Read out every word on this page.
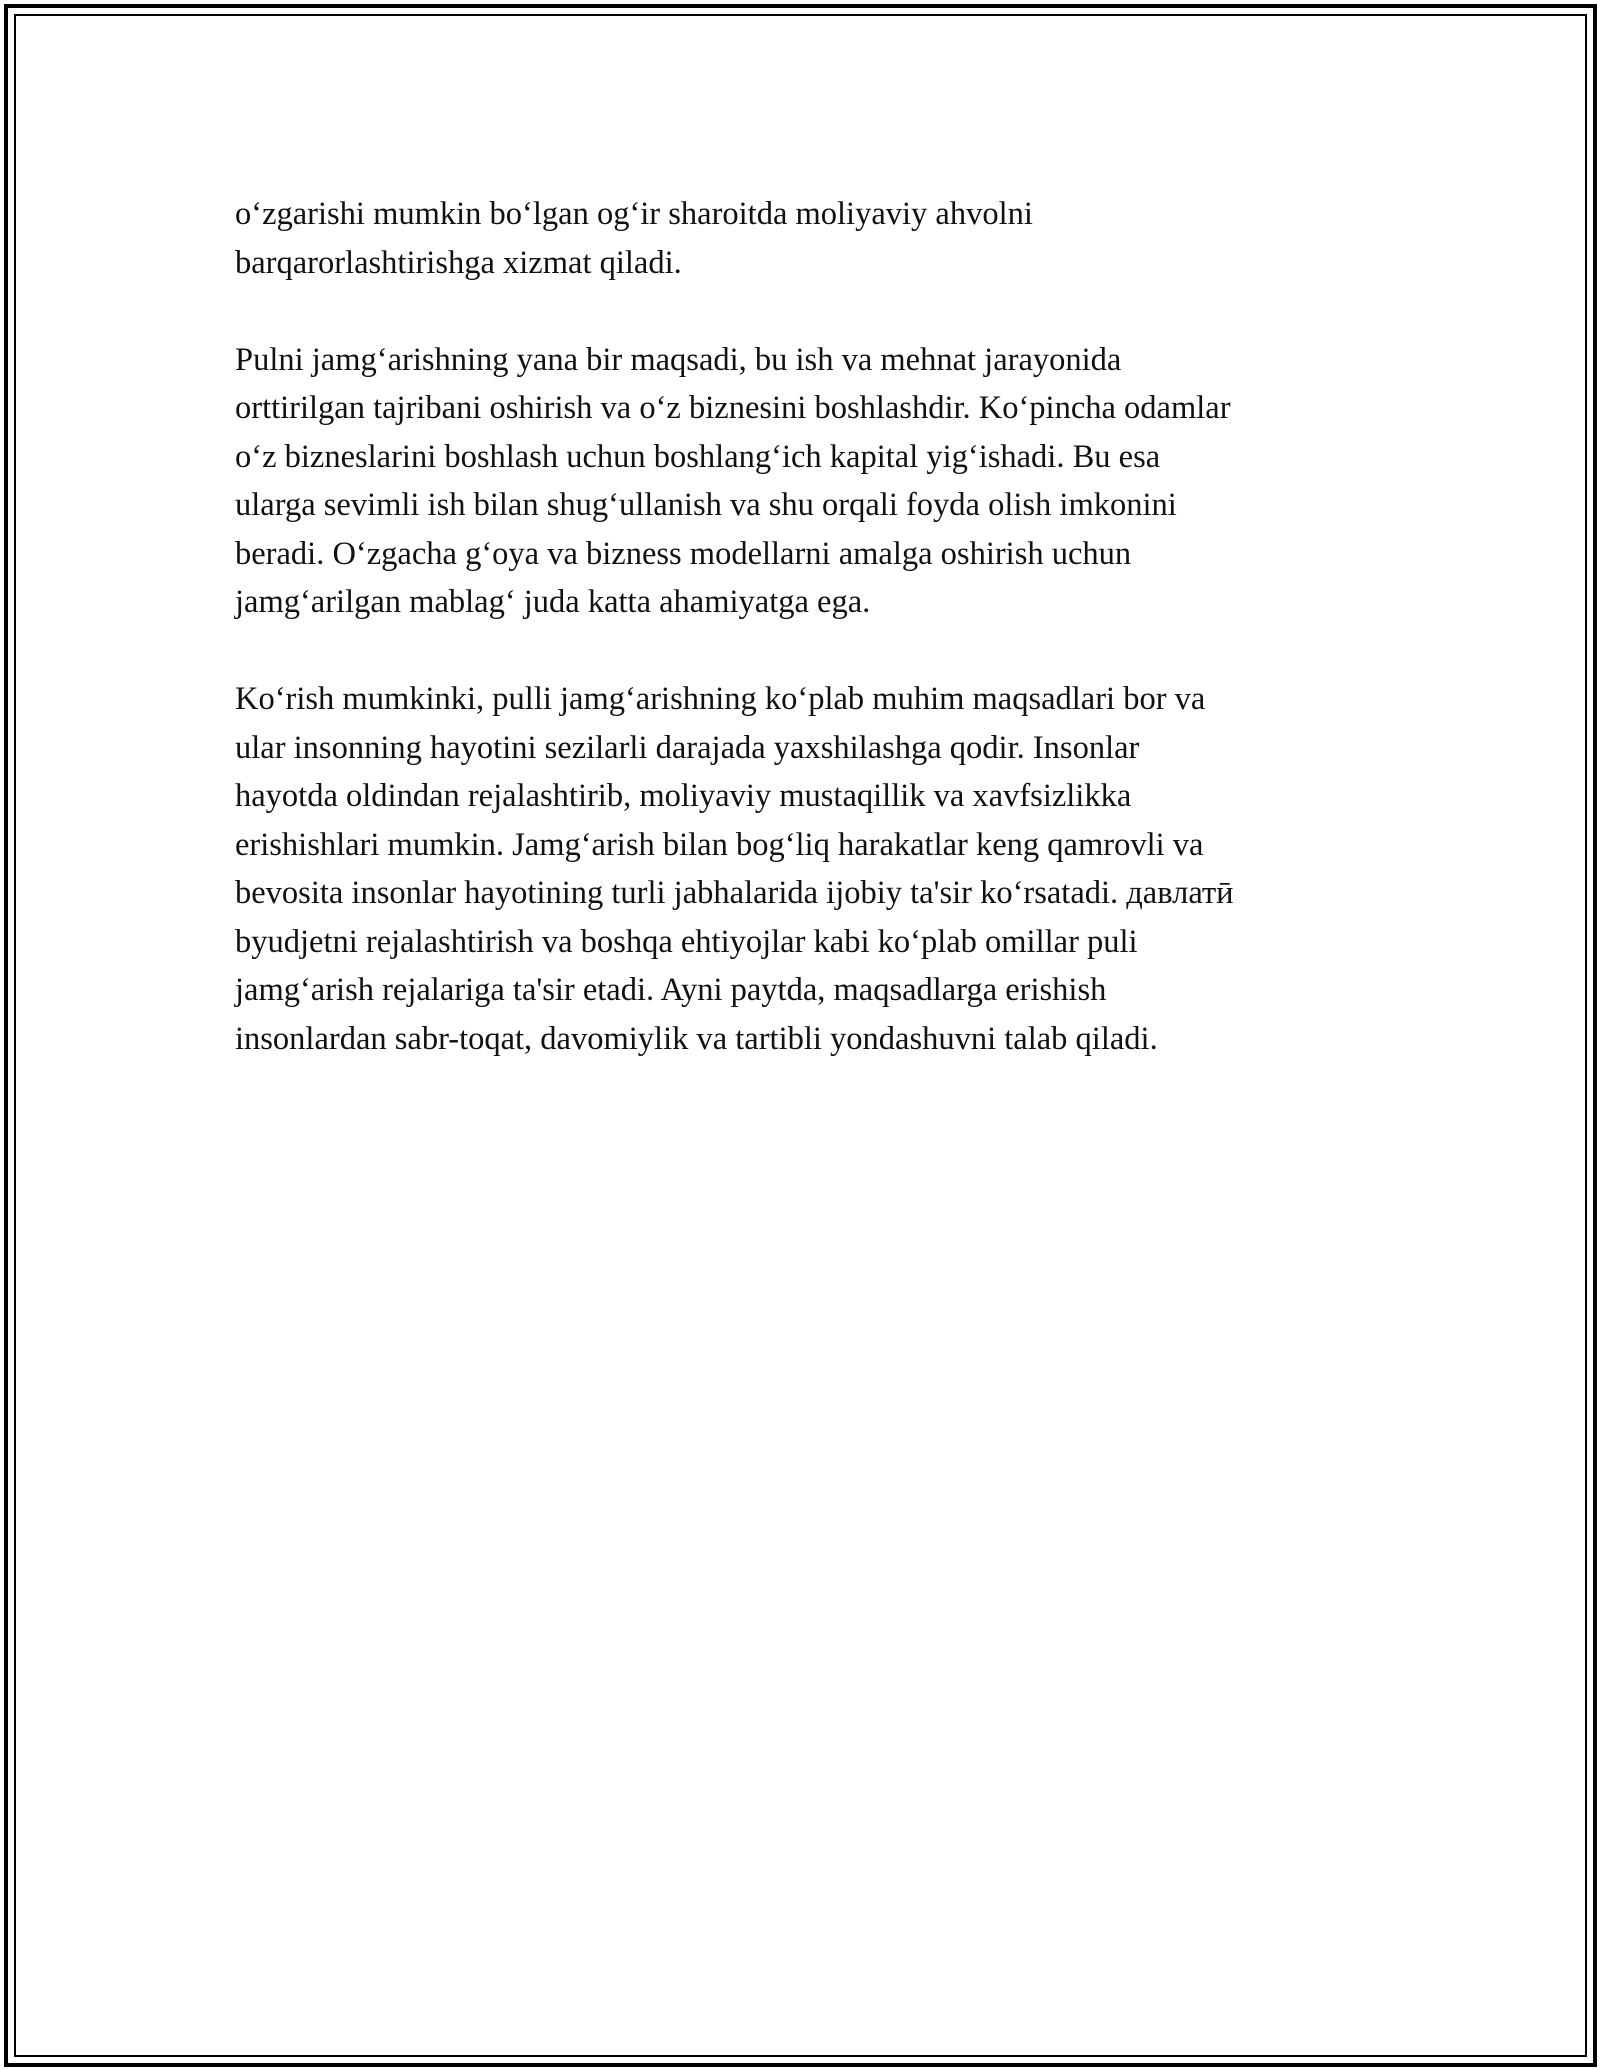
oʻzgarishi mumkin boʻlgan ogʻir sharoitda moliyaviy ahvolni
barqarorlashtirishga xizmat qiladi.

Pulni jamgʻarishning yana bir maqsadi, bu ish va mehnat jarayonida
orttirilgan tajribani oshirish va oʻz biznesini boshlashdir. Koʻpincha odamlar
oʻz bizneslarini boshlash uchun boshlangʻich kapital yigʻishadi. Bu esa
ularga sevimli ish bilan shugʻullanish va shu orqali foyda olish imkonini
beradi. Oʻzgacha gʻoya va bizness modellarni amalga oshirish uchun
jamgʻarilgan mablagʻ juda katta ahamiyatga ega.

Koʻrish mumkinki, pulli jamgʻarishning koʻplab muhim maqsadlari bor va
ular insonning hayotini sezilarli darajada yaxshilashga qodir. Insonlar
hayotda oldindan rejalashtirib, moliyaviy mustaqillik va xavfsizlikka
erishishlari mumkin. Jamgʻarish bilan bogʻliq harakatlar keng qamrovli va
bevosita insonlar hayotining turli jabhalarida ijobiy ta'sir koʻrsatadi. давлатӣ
byudjetni rejalashtirish va boshqa ehtiyojlar kabi koʻplab omillar puli
jamgʻarish rejalariga ta'sir etadi. Ayni paytda, maqsadlarga erishish
insonlardan sabr-toqat, davomiylik va tartibli yondashuvni talab qiladi.
